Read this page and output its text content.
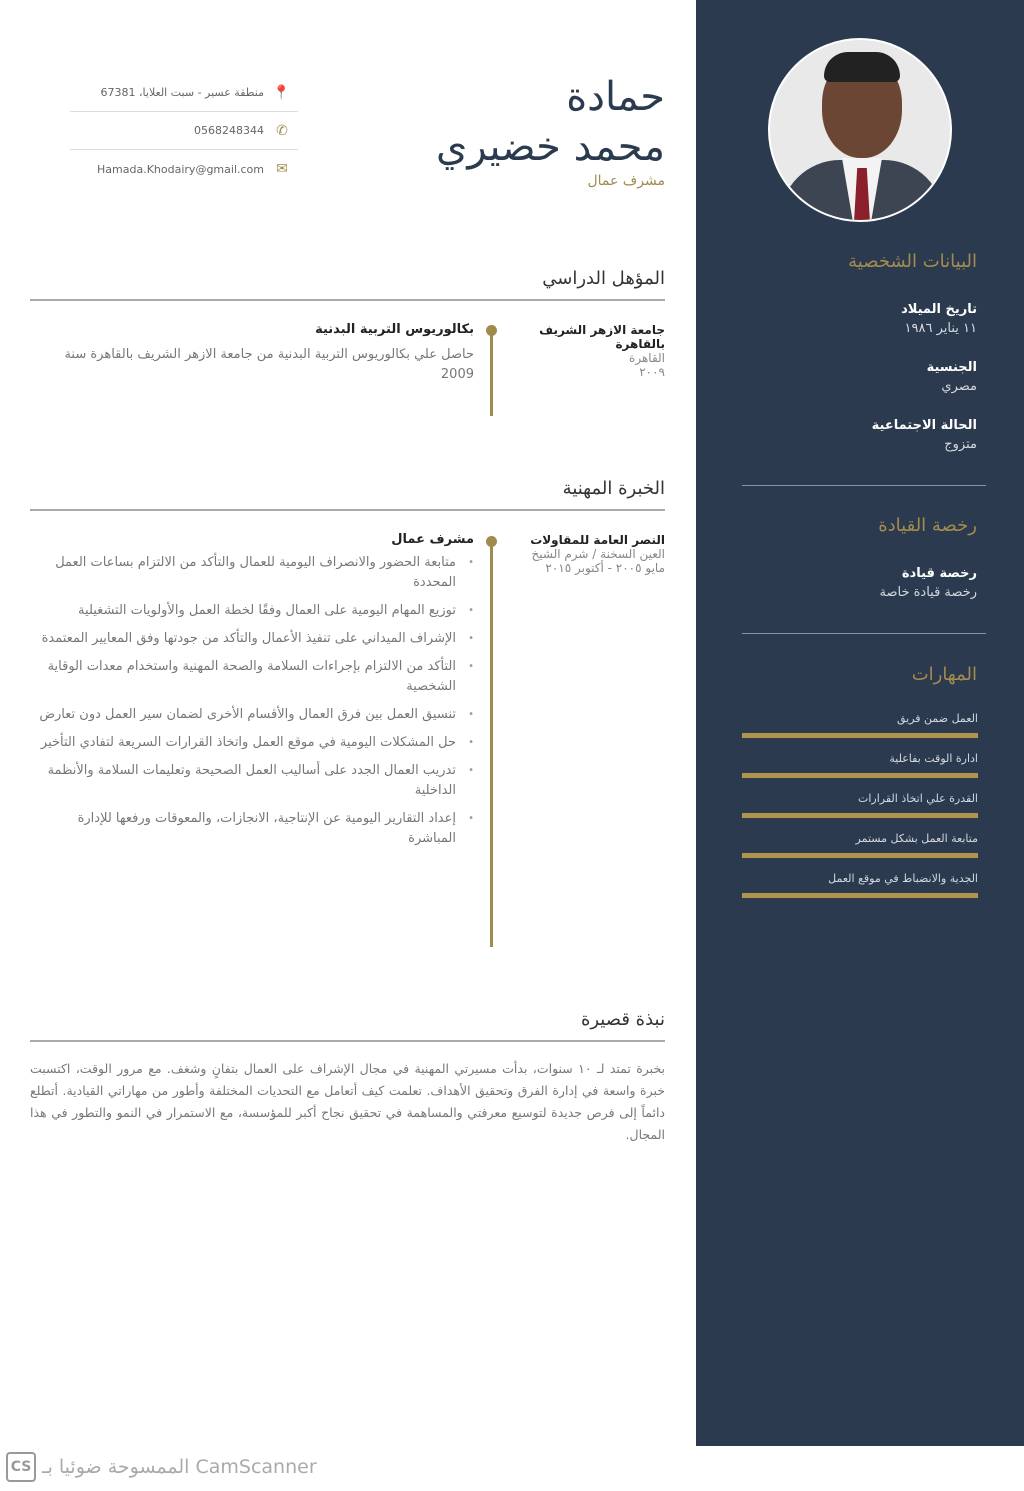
البيانات الشخصية
تاريخ الميلاد
١١ يناير ١٩٨٦
الجنسية
مصري
الحالة الاجتماعية
متزوج
رخصة القيادة
رخصة قيادة
رخصة قيادة خاصة
المهارات
العمل ضمن فريق
ادارة الوقت بفاعلية
القدرة علي اتخاذ القرارات
متابعة العمل بشكل مستمر
الجدية والانضباط في موقع العمل
حمادة
محمد خضيري
مشرف عمال
📍
منطقة عسير - سبت العلايا، 67381
✆
0568248344
✉
Hamada.Khodairy@gmail.com
المؤهل الدراسي
جامعة الازهر الشريف بالقاهرة
القاهرة
٢٠٠٩
بكالوريوس التربية البدنية

حاصل علي بكالوريوس التربية البدنية من جامعة الازهر الشريف بالقاهرة سنة 2009

الخبرة المهنية
النصر العامة للمقاولات
العين السخنة / شرم الشيخ
مايو ٢٠٠٥ - أكتوبر ٢٠١٥
مشرف عمال
• متابعة الحضور والانصراف اليومية للعمال والتأكد من الالتزام بساعات العمل المحددة
• توزيع المهام اليومية على العمال وفقًا لخطة العمل والأولويات التشغيلية
• الإشراف الميداني على تنفيذ الأعمال والتأكد من جودتها وفق المعايير المعتمدة
• التأكد من الالتزام بإجراءات السلامة والصحة المهنية واستخدام معدات الوقاية الشخصية
• تنسيق العمل بين فرق العمال والأقسام الأخرى لضمان سير العمل دون تعارض
• حل المشكلات اليومية في موقع العمل واتخاذ القرارات السريعة لتفادي التأخير
• تدريب العمال الجدد على أساليب العمل الصحيحة وتعليمات السلامة والأنظمة الداخلية
• إعداد التقارير اليومية عن الإنتاجية، الانجازات، والمعوقات ورفعها للإدارة المباشرة
نبذة قصيرة
بخبرة تمتد لـ ١٠ سنوات، بدأت مسيرتي المهنية في مجال الإشراف على العمال بتفانٍ وشغف. مع مرور الوقت، اكتسبت خبرة واسعة في إدارة الفرق وتحقيق الأهداف. تعلمت كيف أتعامل مع التحديات المختلفة وأطور من مهاراتي القيادية. أتطلع دائماً إلى فرص جديدة لتوسيع معرفتي والمساهمة في تحقيق نجاح أكبر للمؤسسة، مع الاستمرار في النمو والتطور في هذا المجال.
CS الممسوحة ضوئيا بـ CamScanner
